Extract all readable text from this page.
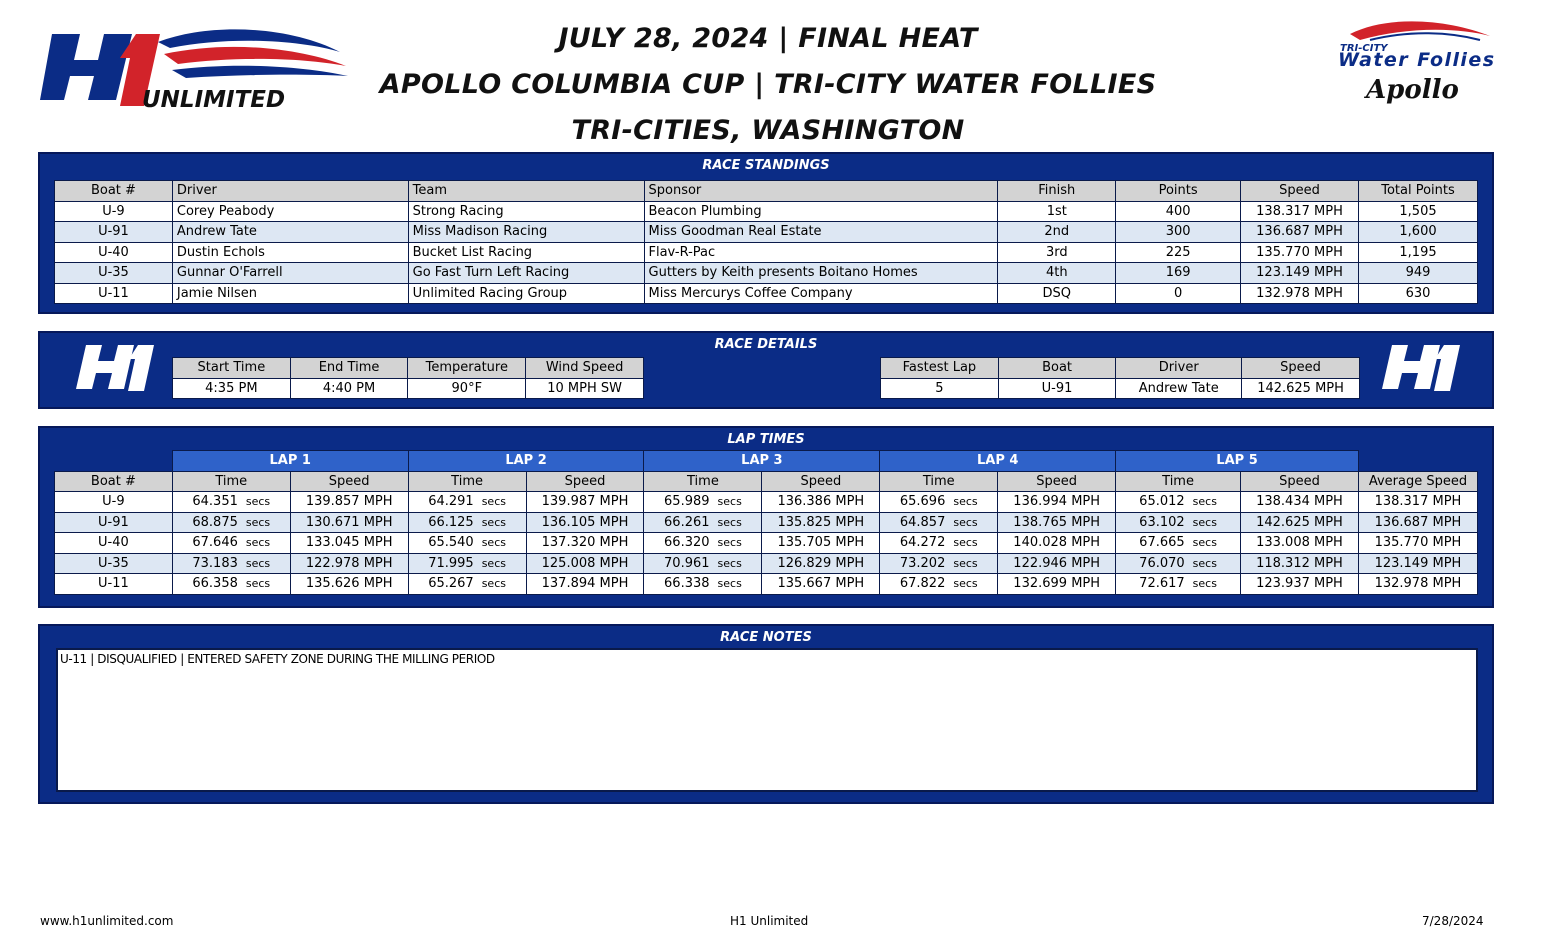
UNLIMITED
JULY 28, 2024 | FINAL HEAT
APOLLO COLUMBIA CUP | TRI-CITY WATER FOLLIES
TRI-CITIES, WASHINGTON
TRI-CITY
Water Follies
Apollo
RACE STANDINGS
Boat #	Driver	Team	Sponsor	Finish	Points	Speed	Total Points
U-9	Corey Peabody	Strong Racing	Beacon Plumbing	1st	400	138.317 MPH	1,505
U-91	Andrew Tate	Miss Madison Racing	Miss Goodman Real Estate	2nd	300	136.687 MPH	1,600
U-40	Dustin Echols	Bucket List Racing	Flav-R-Pac	3rd	225	135.770 MPH	1,195
U-35	Gunnar O'Farrell	Go Fast Turn Left Racing	Gutters by Keith presents Boitano Homes	4th	169	123.149 MPH	949
U-11	Jamie Nilsen	Unlimited Racing Group	Miss Mercurys Coffee Company	DSQ	0	132.978 MPH	630
RACE DETAILS
Start Time	End Time	Temperature	Wind Speed
4:35 PM	4:40 PM	90°F	10 MPH SW
Fastest Lap	Boat	Driver	Speed
5	U-91	Andrew Tate	142.625 MPH
LAP TIMES
	LAP 1		LAP 2		LAP 3		LAP 4		LAP 5		
Boat #	Time	Speed	Time	Speed	Time	Speed	Time	Speed	Time	Speed	Average Speed
U-9	64.351 secs	139.857 MPH	64.291 secs	139.987 MPH	65.989 secs	136.386 MPH	65.696 secs	136.994 MPH	65.012 secs	138.434 MPH	138.317 MPH
U-91	68.875 secs	130.671 MPH	66.125 secs	136.105 MPH	66.261 secs	135.825 MPH	64.857 secs	138.765 MPH	63.102 secs	142.625 MPH	136.687 MPH
U-40	67.646 secs	133.045 MPH	65.540 secs	137.320 MPH	66.320 secs	135.705 MPH	64.272 secs	140.028 MPH	67.665 secs	133.008 MPH	135.770 MPH
U-35	73.183 secs	122.978 MPH	71.995 secs	125.008 MPH	70.961 secs	126.829 MPH	73.202 secs	122.946 MPH	76.070 secs	118.312 MPH	123.149 MPH
U-11	66.358 secs	135.626 MPH	65.267 secs	137.894 MPH	66.338 secs	135.667 MPH	67.822 secs	132.699 MPH	72.617 secs	123.937 MPH	132.978 MPH
RACE NOTES
U-11 | DISQUALIFIED | ENTERED SAFETY ZONE DURING THE MILLING PERIOD
www.h1unlimited.com	H1 Unlimited	7/28/2024
